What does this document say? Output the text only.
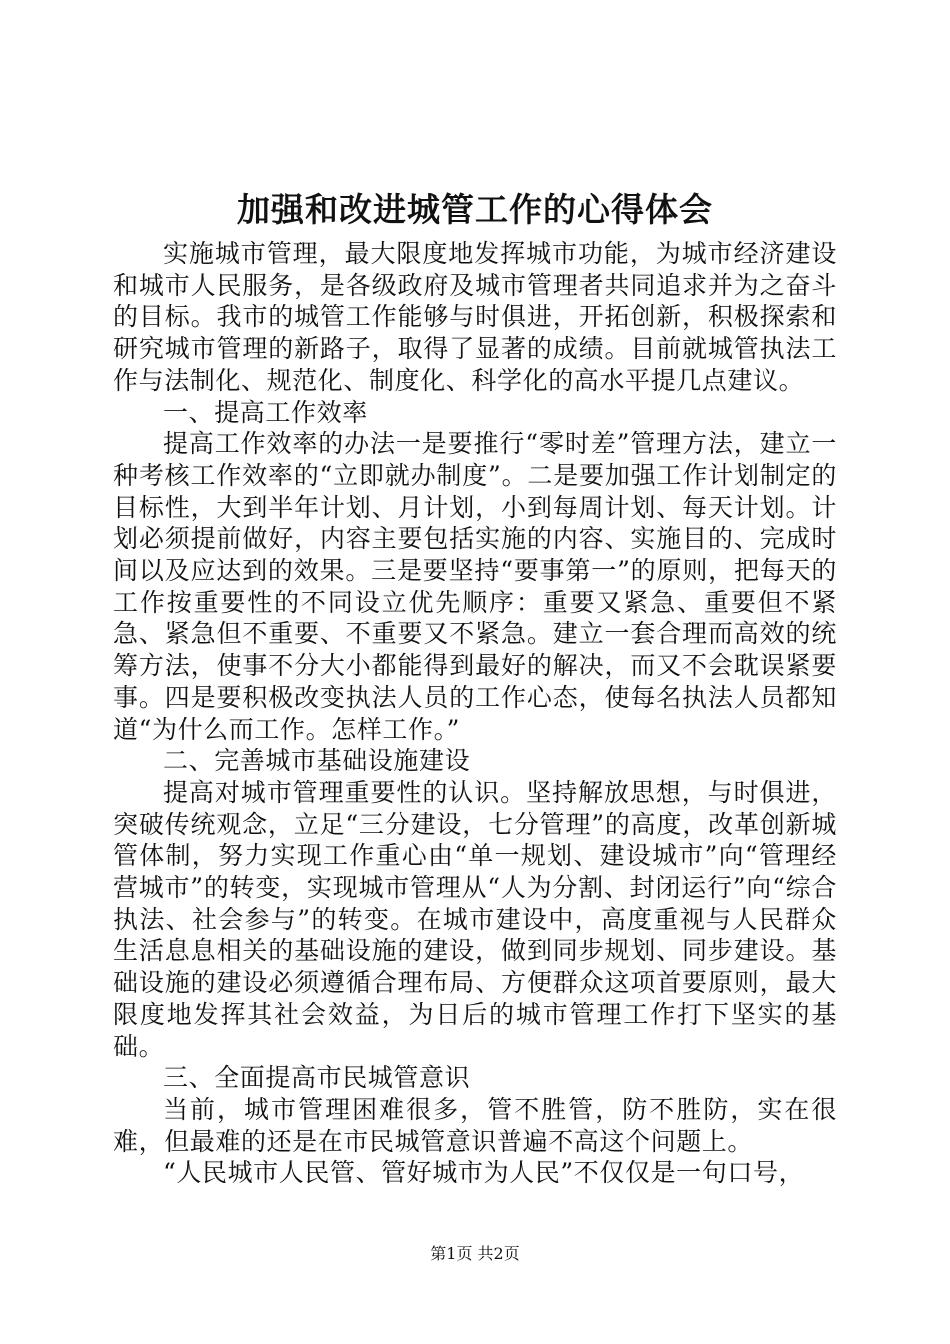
加强和改进城管工作的心得体会

实施城市管理，最大限度地发挥城市功能，为城市经济建设和城市人民服务，是各级政府及城市管理者共同追求并为之奋斗的目标。我市的城管工作能够与时俱进，开拓创新，积极探索和研究城市管理的新路子，取得了显著的成绩。目前就城管执法工作与法制化、规范化、制度化、科学化的高水平提几点建议。

一、提高工作效率

提高工作效率的办法一是要推行“零时差”管理方法，建立一种考核工作效率的“立即就办制度”。二是要加强工作计划制定的目标性，大到半年计划、月计划，小到每周计划、每天计划。计划必须提前做好，内容主要包括实施的内容、实施目的、完成时间以及应达到的效果。三是要坚持“要事第一”的原则，把每天的工作按重要性的不同设立优先顺序：重要又紧急、重要但不紧急、紧急但不重要、不重要又不紧急。建立一套合理而高效的统筹方法，使事不分大小都能得到最好的解决，而又不会耽误紧要事。四是要积极改变执法人员的工作心态，使每名执法人员都知道“为什么而工作。怎样工作。”

二、完善城市基础设施建设

提高对城市管理重要性的认识。坚持解放思想，与时俱进，突破传统观念，立足“三分建设，七分管理”的高度，改革创新城管体制，努力实现工作重心由“单一规划、建设城市”向“管理经营城市”的转变，实现城市管理从“人为分割、封闭运行”向“综合执法、社会参与”的转变。在城市建设中，高度重视与人民群众生活息息相关的基础设施的建设，做到同步规划、同步建设。基础设施的建设必须遵循合理布局、方便群众这项首要原则，最大限度地发挥其社会效益，为日后的城市管理工作打下坚实的基础。

三、全面提高市民城管意识

当前，城市管理困难很多，管不胜管，防不胜防，实在很难，但最难的还是在市民城管意识普遍不高这个问题上。

“人民城市人民管、管好城市为人民”不仅仅是一句口号，

第1页 共2页
